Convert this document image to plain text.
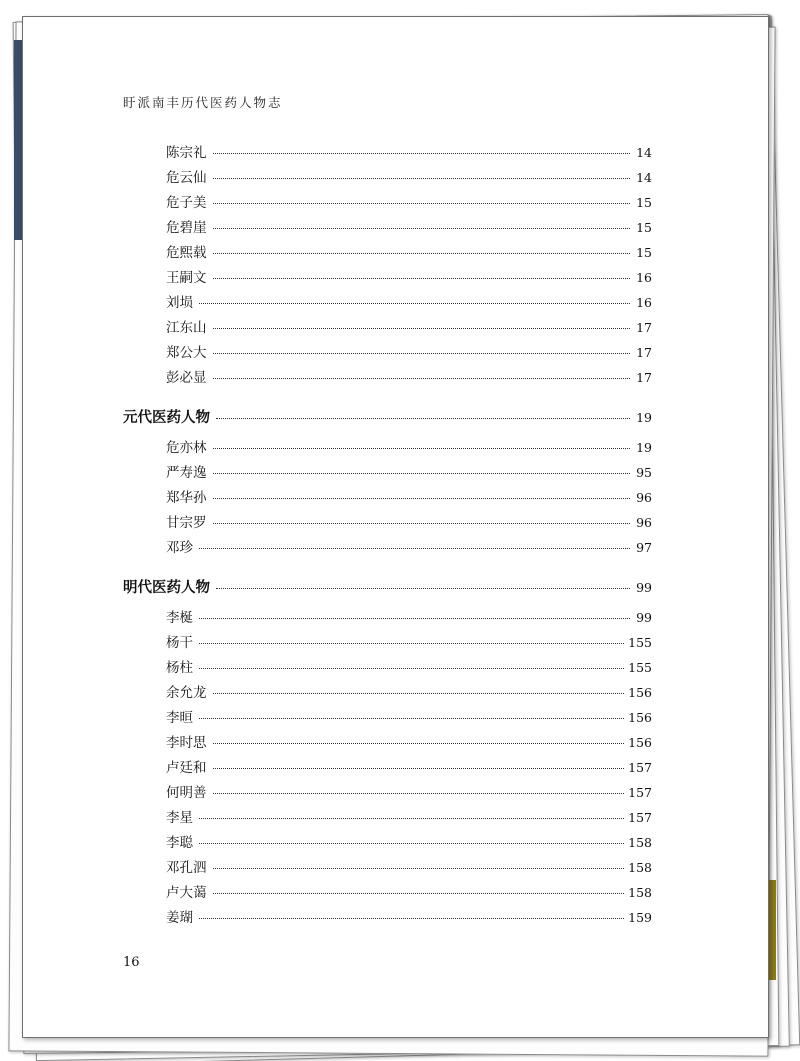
盱派南丰历代医药人物志
陈宗礼	14
危云仙	14
危子美	15
危碧崖	15
危熙载	15
王嗣文	16
刘埙	16
江东山	17
郑公大	17
彭必显	17
元代医药人物	19
危亦林	19
严寿逸	95
郑华孙	96
甘宗罗	96
邓珍	97
明代医药人物	99
李梴	99
杨干	155
杨柱	155
余允龙	156
李晅	156
李时思	156
卢廷和	157
何明善	157
李星	157
李聪	158
邓孔泗	158
卢大蔼	158
姜瑚	159
16
